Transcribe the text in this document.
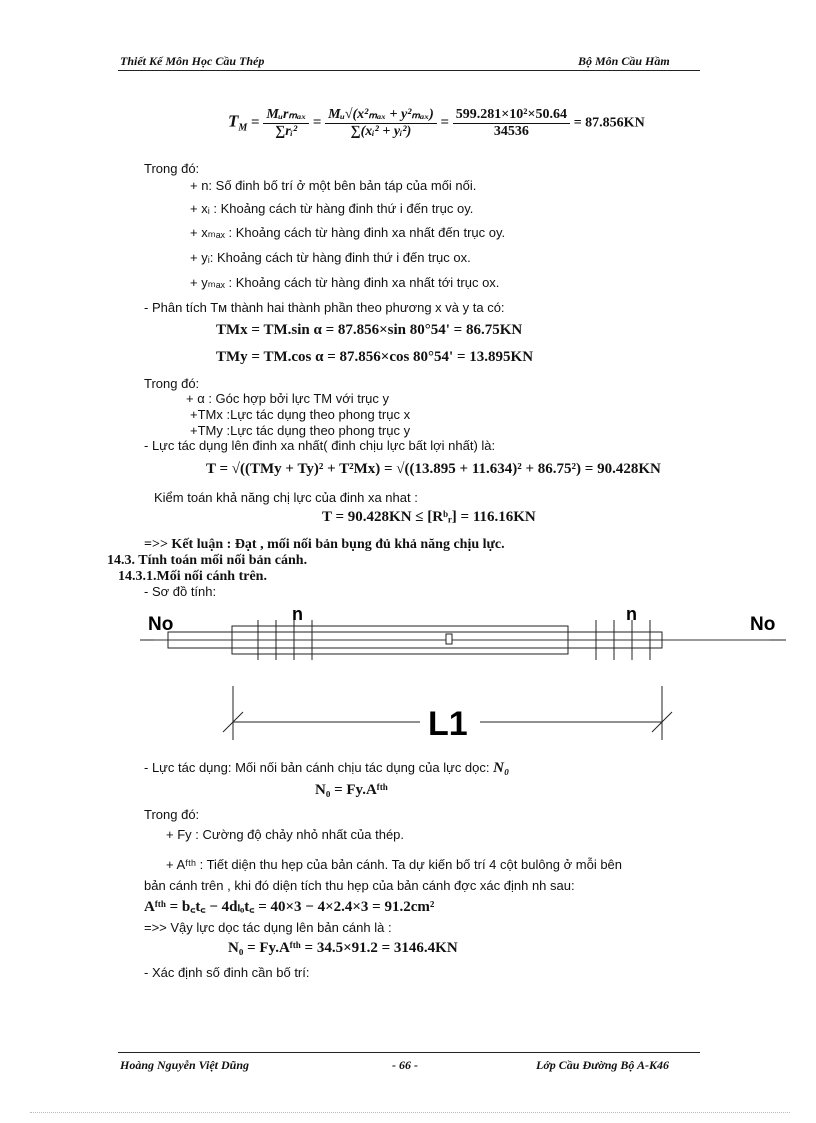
Thiết Kế Môn Học Cầu Thép	Bộ Môn Cầu Hầm
$T_M = \frac{\text{Mᵤrₘₐₓ}}{\text{∑rᵢ²}} = \frac{\text{Mᵤ√(x²ₘₐₓ + y²ₘₐₓ)}}{\text{∑(xᵢ² + yᵢ²)}} = \frac{\text{599.281×10²×50.64}}{34536} = 87.856KN$
Trong đó:
+ n: Số đinh bố trí ở một bên bản táp của mối nối.
+ xᵢ : Khoảng cách từ hàng đinh thứ i đến trục oy.
+ xₘₐₓ : Khoảng cách từ hàng đinh xa nhất đến trục oy.
+ yᵢ: Khoảng cách từ hàng đinh thứ i đến trục ox.
+ yₘₐₓ : Khoảng cách từ hàng đinh xa nhất tới trục ox.
- Phân tích Tм thành hai thành phần theo phương x và y ta có:
TMx = TM.sin α = 87.856×sin 80°54' = 86.75KN
TMy = TM.cos α = 87.856×cos 80°54' = 13.895KN
Trong đó:
+ α : Góc hợp bởi lực TM với trục y
+TMx :Lực tác dụng theo phong trục x
+TMy :Lực tác dụng theo phong trục y
- Lực tác dụng lên đinh xa nhất( đinh chịu lực bất lợi nhất) là:
T = √((TMy + Ty)² + T²Mx) = √((13.895 + 11.634)² + 86.75²) = 90.428KN
Kiểm toán khả năng chị lực của đinh xa nhat :
T = 90.428KN ≤ [Rᵇᵣ] = 116.16KN
=>> Kết luận : Đạt , mối nối bản bụng đủ khả năng chịu lực.
14.3. Tính toán mối nối bản cánh.
14.3.1.Mối nối cánh trên.
- Sơ đồ tính:
No	No
n	n
L1
- Lực tác dụng: Mối nối bản cánh chịu tác dụng của lực dọc: N₀
N₀ = Fy.Aᶠᵗʰ
Trong đó:
+ Fy : Cường độ chảy nhỏ nhất của thép.
+ Aᶠᵗʰ : Tiết diện thu hẹp của bản cánh. Ta dự kiến bố trí 4 cột bulông ở mỗi bên
bản cánh trên , khi đó diện tích thu hẹp của bản cánh đợc xác định nh sau:
Aᶠᵗʰ = b꜀t꜀ − 4dₗₒt꜀ = 40×3 − 4×2.4×3 = 91.2cm²
=>> Vậy lực dọc tác dụng lên bản cánh là :
N₀ = Fy.Aᶠᵗʰ = 34.5×91.2 = 3146.4KN
- Xác định số đinh cần bố trí:
Hoàng Nguyễn Việt Dũng	- 66 -	Lớp Cầu Đường Bộ A-K46
